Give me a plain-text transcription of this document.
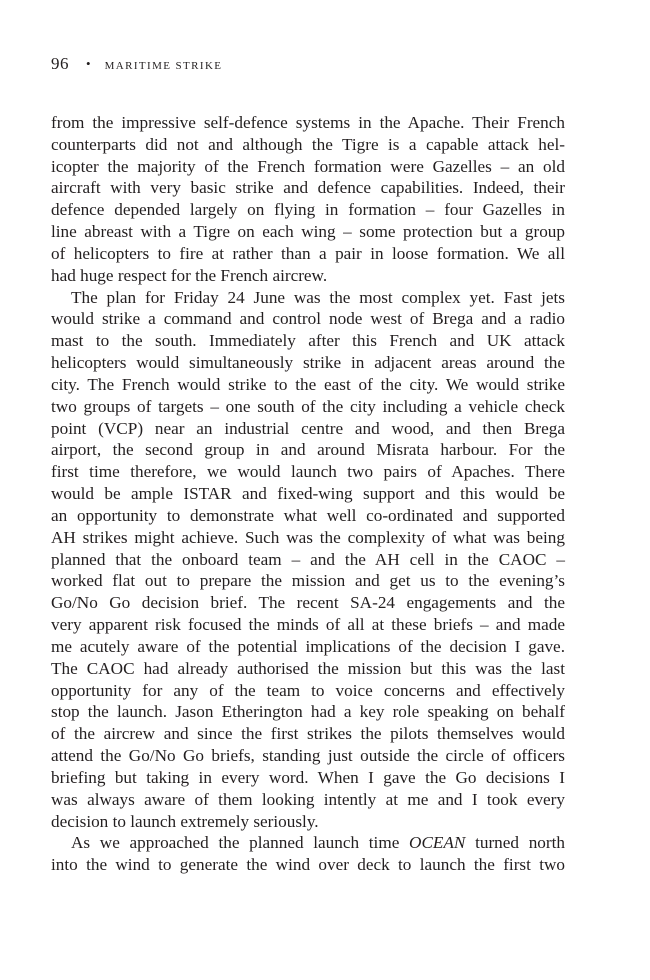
96 • MARITIME STRIKE
from the impressive self-defence systems in the Apache. Their French
counterparts did not and although the Tigre is a capable attack hel-
icopter the majority of the French formation were Gazelles – an old
aircraft with very basic strike and defence capabilities. Indeed, their
defence depended largely on flying in formation – four Gazelles in
line abreast with a Tigre on each wing – some protection but a group
of helicopters to fire at rather than a pair in loose formation. We all
had huge respect for the French aircrew.
The plan for Friday 24 June was the most complex yet. Fast jets
would strike a command and control node west of Brega and a radio
mast to the south. Immediately after this French and UK attack
helicopters would simultaneously strike in adjacent areas around the
city. The French would strike to the east of the city. We would strike
two groups of targets – one south of the city including a vehicle check
point (VCP) near an industrial centre and wood, and then Brega
airport, the second group in and around Misrata harbour. For the
first time therefore, we would launch two pairs of Apaches. There
would be ample ISTAR and fixed-wing support and this would be
an opportunity to demonstrate what well co-ordinated and supported
AH strikes might achieve. Such was the complexity of what was being
planned that the onboard team – and the AH cell in the CAOC –
worked flat out to prepare the mission and get us to the evening’s
Go/No Go decision brief. The recent SA-24 engagements and the
very apparent risk focused the minds of all at these briefs – and made
me acutely aware of the potential implications of the decision I gave.
The CAOC had already authorised the mission but this was the last
opportunity for any of the team to voice concerns and effectively
stop the launch. Jason Etherington had a key role speaking on behalf
of the aircrew and since the first strikes the pilots themselves would
attend the Go/No Go briefs, standing just outside the circle of officers
briefing but taking in every word. When I gave the Go decisions I
was always aware of them looking intently at me and I took every
decision to launch extremely seriously.
As we approached the planned launch time OCEAN turned north
into the wind to generate the wind over deck to launch the first two
